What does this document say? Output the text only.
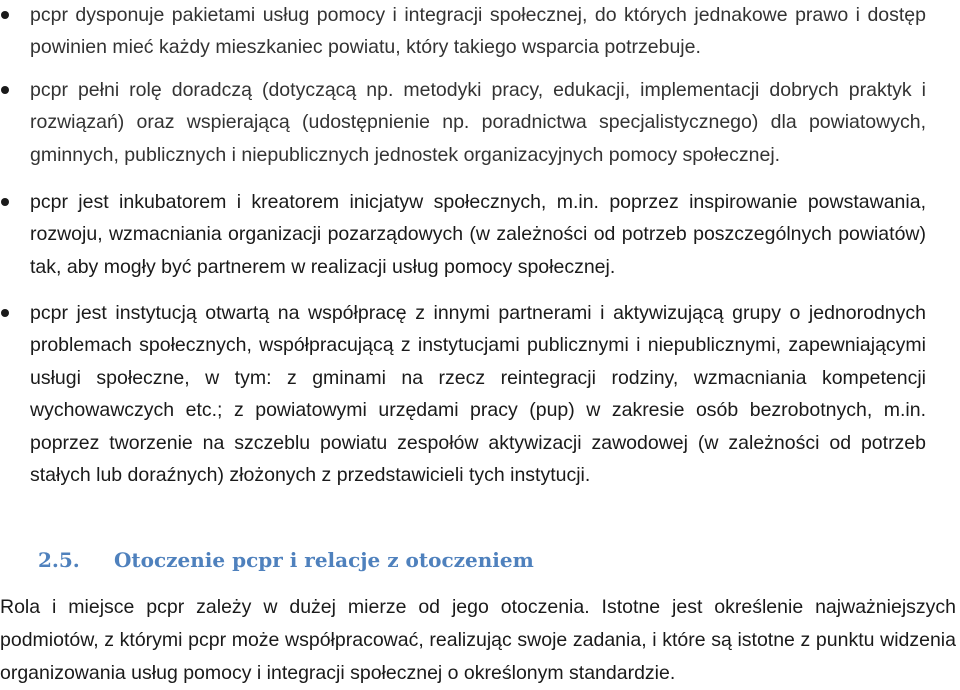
pcpr dysponuje pakietami usług pomocy i integracji społecznej, do których jednakowe prawo i dostęp powinien mieć każdy mieszkaniec powiatu, który takiego wsparcia potrzebuje.

pcpr pełni rolę doradczą (dotyczącą np. metodyki pracy, edukacji, implementacji dobrych praktyk i rozwiązań) oraz wspierającą (udostępnienie np. poradnictwa specjalistycznego) dla powiatowych, gminnych, publicznych i niepublicznych jednostek organizacyjnych pomocy społecznej.

pcpr jest inkubatorem i kreatorem inicjatyw społecznych, m.in. poprzez inspirowanie powstawania, rozwoju, wzmacniania organizacji pozarządowych (w zależności od potrzeb poszczególnych powiatów) tak, aby mogły być partnerem w realizacji usług pomocy społecznej.

pcpr jest instytucją otwartą na współpracę z innymi partnerami i aktywizującą grupy o jednorodnych problemach społecznych, współpracującą z instytucjami publicznymi i niepublicznymi, zapewniającymi usługi społeczne, w tym: z gminami na rzecz reintegracji rodziny, wzmacniania kompetencji wychowawczych etc.; z powiatowymi urzędami pracy (pup) w zakresie osób bezrobotnych, m.in. poprzez tworzenie na szczeblu powiatu zespołów aktywizacji zawodowej (w zależności od potrzeb stałych lub doraźnych) złożonych z przedstawicieli tych instytucji.

2.5. Otoczenie pcpr i relacje z otoczeniem

Rola i miejsce pcpr zależy w dużej mierze od jego otoczenia. Istotne jest określenie najważniejszych podmiotów, z którymi pcpr może współpracować, realizując swoje zadania, i które są istotne z punktu widzenia organizowania usług pomocy i integracji społecznej o określonym standardzie.
